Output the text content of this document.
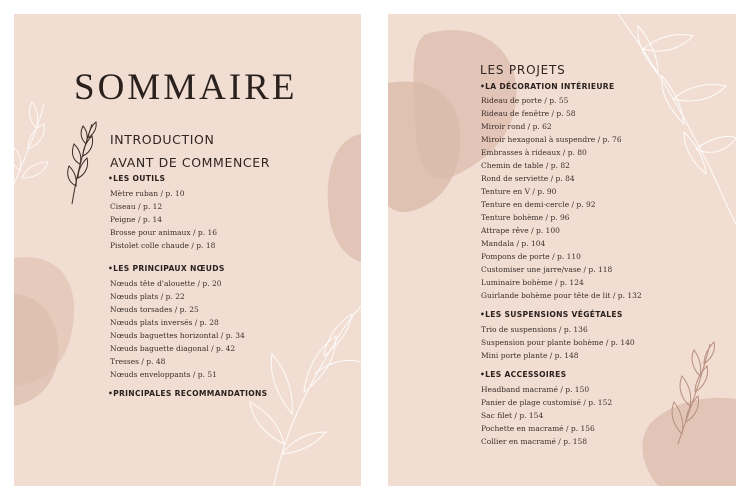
SOMMAIRE
INTRODUCTION
AVANT DE COMMENCER
•LES OUTILS
Mètre ruban / p. 10
Ciseau / p. 12
Peigne / p. 14
Brosse pour animaux / p. 16
Pistolet colle chaude / p. 18
•LES PRINCIPAUX NŒUDS
Nœuds tête d'alouette / p. 20
Nœuds plats / p. 22
Nœuds torsades / p. 25
Nœuds plats inversés / p. 28
Nœuds baguettes horizontal / p. 34
Nœuds baguette diagonal / p. 42
Tresses / p. 48
Nœuds enveloppants / p. 51
•PRINCIPALES RECOMMANDATIONS
LES PROJETS
•LA DÉCORATION INTÉRIEURE
Rideau de porte / p. 55
Rideau de fenêtre / p. 58
Miroir rond / p. 62
Miroir hexagonal à suspendre / p. 76
Embrasses à rideaux / p. 80
Chemin de table / p. 82
Rond de serviette / p. 84
Tenture en V / p. 90
Tenture en demi-cercle / p. 92
Tenture bohème / p. 96
Attrape rêve / p. 100
Mandala / p. 104
Pompons de porte / p. 110
Customiser une jarre/vase / p. 118
Luminaire bohème / p. 124
Guirlande bohème pour tête de lit / p. 132
•LES SUSPENSIONS VÉGÉTALES
Trio de suspensions / p. 136
Suspension pour plante bohème / p. 140
Mini porte plante / p. 148
•LES ACCESSOIRES
Headband macramé / p. 150
Panier de plage customisé / p. 152
Sac filet / p. 154
Pochette en macramé / p. 156
Collier en macramé / p. 158
